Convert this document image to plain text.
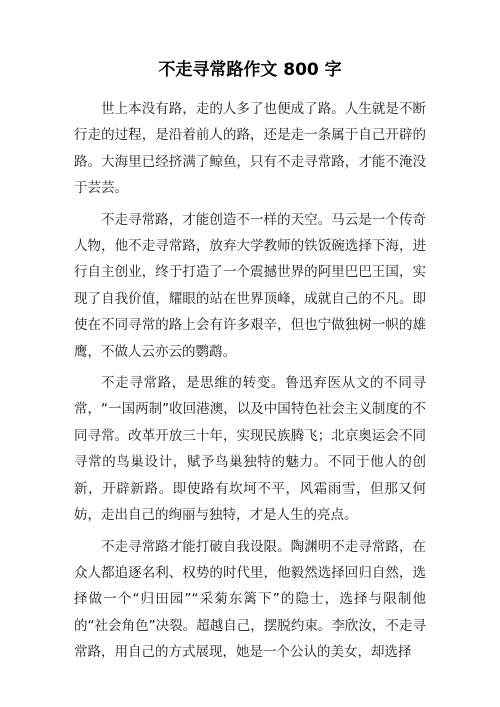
不走寻常路作文 800 字

世上本没有路，走的人多了也便成了路。人生就是不断行走的过程，是沿着前人的路，还是走一条属于自己开辟的路。大海里已经挤满了鲸鱼，只有不走寻常路，才能不淹没于芸芸。

不走寻常路，才能创造不一样的天空。马云是一个传奇人物，他不走寻常路，放弃大学教师的铁饭碗选择下海，进行自主创业，终于打造了一个震撼世界的阿里巴巴王国，实现了自我价值，耀眼的站在世界顶峰，成就自己的不凡。即使在不同寻常的路上会有许多艰辛，但也宁做独树一帜的雄鹰，不做人云亦云的鹦鹉。

不走寻常路，是思维的转变。鲁迅弃医从文的不同寻常，“一国两制”收回港澳，以及中国特色社会主义制度的不同寻常。改革开放三十年，实现民族腾飞；北京奥运会不同寻常的鸟巢设计，赋予鸟巢独特的魅力。不同于他人的创新，开辟新路。即使路有坎坷不平，风霜雨雪，但那又何妨，走出自己的绚丽与独特，才是人生的亮点。

不走寻常路才能打破自我设限。陶渊明不走寻常路，在众人都追逐名利、权势的时代里，他毅然选择回归自然，选择做一个“归田园”“采菊东篱下”的隐士，选择与限制他的“社会角色”决裂。超越自己，摆脱约束。李欣汝，不走寻常路，用自己的方式展现，她是一个公认的美女，却选择
